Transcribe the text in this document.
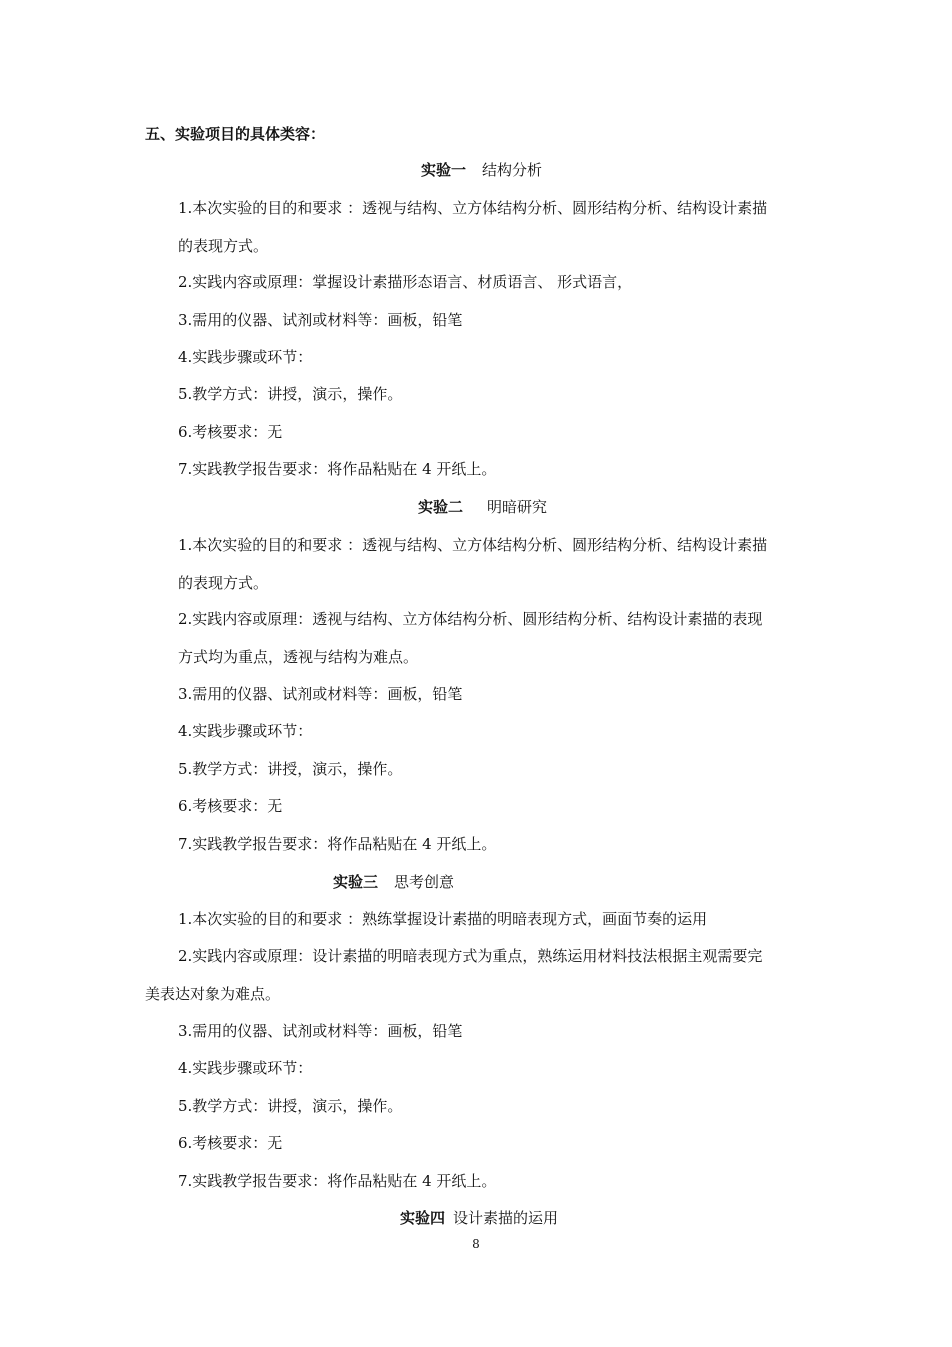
五、实验项目的具体类容：
实验一 结构分析
1.本次实验的目的和要求 ：透视与结构、立方体结构分析、圆形结构分析、结构设计素描
的表现方式。
2.实践内容或原理：掌握设计素描形态语言、材质语言、 形式语言，
3.需用的仪器、试剂或材料等：画板，铅笔
4.实践步骤或环节：
5.教学方式：讲授，演示，操作。
6.考核要求：无
7.实践教学报告要求：将作品粘贴在 4 开纸上。
实验二 明暗研究
1.本次实验的目的和要求 ：透视与结构、立方体结构分析、圆形结构分析、结构设计素描
的表现方式。
2.实践内容或原理：透视与结构、立方体结构分析、圆形结构分析、结构设计素描的表现
方式均为重点，透视与结构为难点。
3.需用的仪器、试剂或材料等：画板，铅笔
4.实践步骤或环节：
5.教学方式：讲授，演示，操作。
6.考核要求：无
7.实践教学报告要求：将作品粘贴在 4 开纸上。
实验三 思考创意
1.本次实验的目的和要求 ：熟练掌握设计素描的明暗表现方式，画面节奏的运用
2.实践内容或原理：设计素描的明暗表现方式为重点，熟练运用材料技法根据主观需要完
美表达对象为难点。
3.需用的仪器、试剂或材料等：画板，铅笔
4.实践步骤或环节：
5.教学方式：讲授，演示，操作。
6.考核要求：无
7.实践教学报告要求：将作品粘贴在 4 开纸上。
实验四 设计素描的运用
8
